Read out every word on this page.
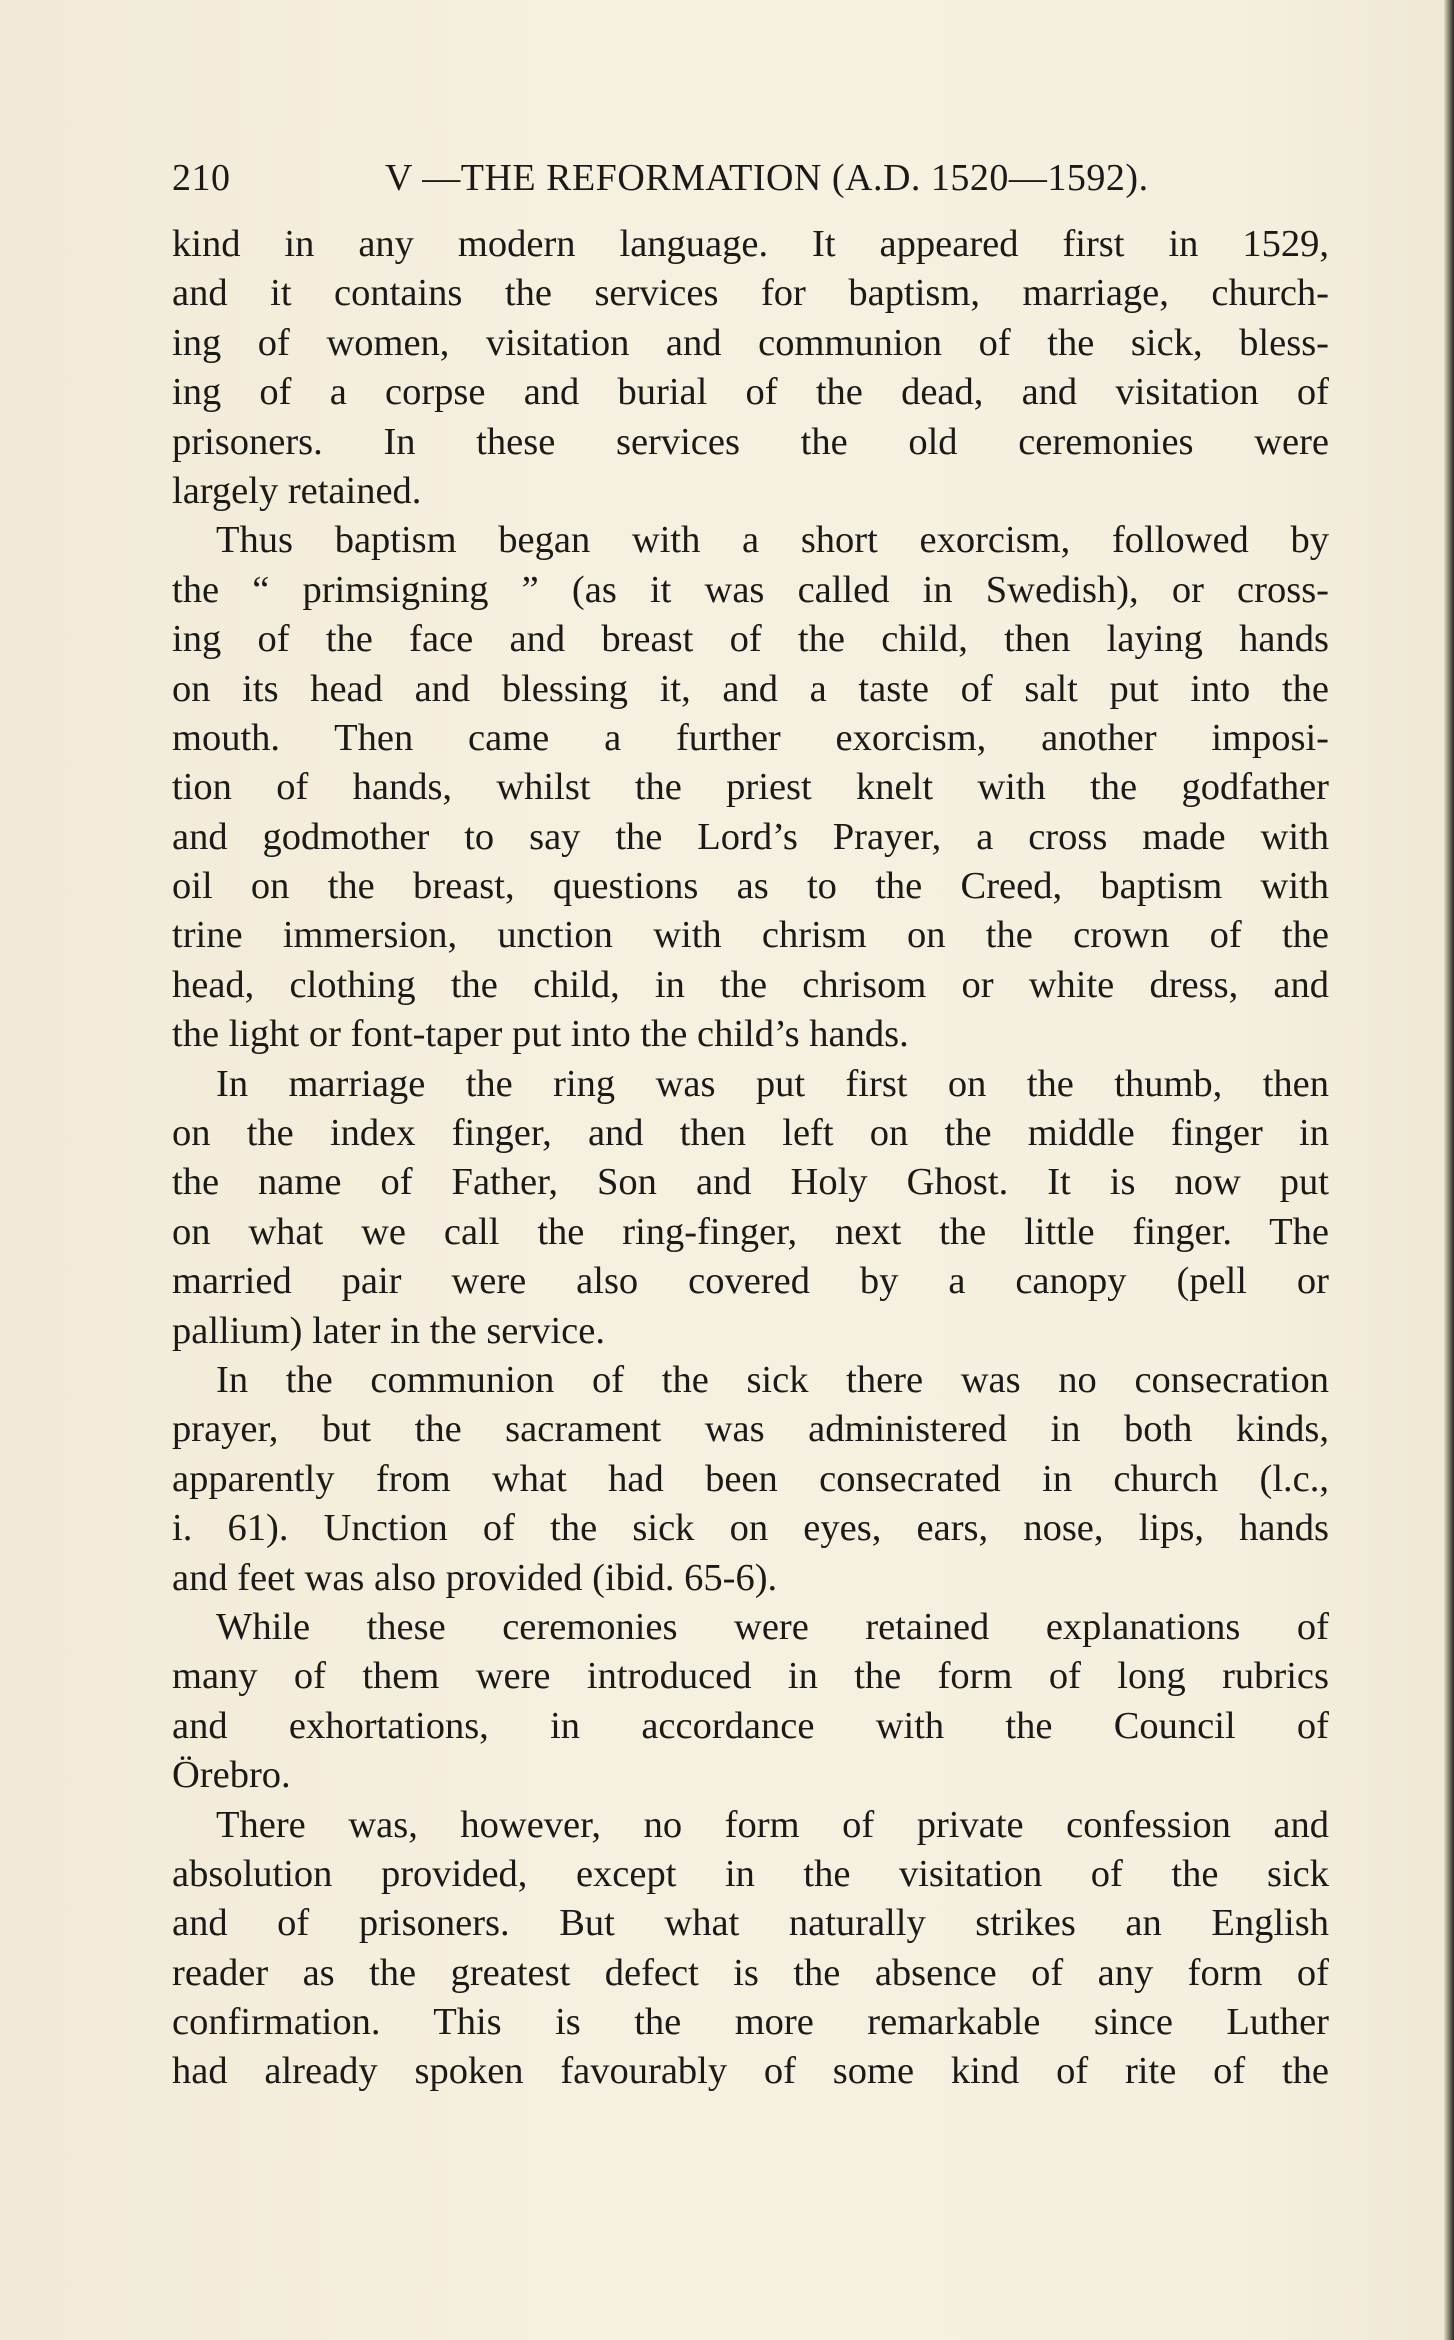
210	V —THE REFORMATION (A.D. 1520—1592).
kind in any modern language. It appeared first in 1529,
and it contains the services for baptism, marriage, church-
ing of women, visitation and communion of the sick, bless-
ing of a corpse and burial of the dead, and visitation of
prisoners. In these services the old ceremonies were
largely retained.
Thus baptism began with a short exorcism, followed by
the “ primsigning ” (as it was called in Swedish), or cross-
ing of the face and breast of the child, then laying hands
on its head and blessing it, and a taste of salt put into the
mouth. Then came a further exorcism, another imposi-
tion of hands, whilst the priest knelt with the godfather
and godmother to say the Lord’s Prayer, a cross made with
oil on the breast, questions as to the Creed, baptism with
trine immersion, unction with chrism on the crown of the
head, clothing the child, in the chrisom or white dress, and
the light or font-taper put into the child’s hands.
In marriage the ring was put first on the thumb, then
on the index finger, and then left on the middle finger in
the name of Father, Son and Holy Ghost. It is now put
on what we call the ring-finger, next the little finger. The
married pair were also covered by a canopy (pell or
pallium) later in the service.
In the communion of the sick there was no consecration
prayer, but the sacrament was administered in both kinds,
apparently from what had been consecrated in church (l.c.,
i. 61). Unction of the sick on eyes, ears, nose, lips, hands
and feet was also provided (ibid. 65-6).
While these ceremonies were retained explanations of
many of them were introduced in the form of long rubrics
and exhortations, in accordance with the Council of
Örebro.
There was, however, no form of private confession and
absolution provided, except in the visitation of the sick
and of prisoners. But what naturally strikes an English
reader as the greatest defect is the absence of any form of
confirmation. This is the more remarkable since Luther
had already spoken favourably of some kind of rite of the
